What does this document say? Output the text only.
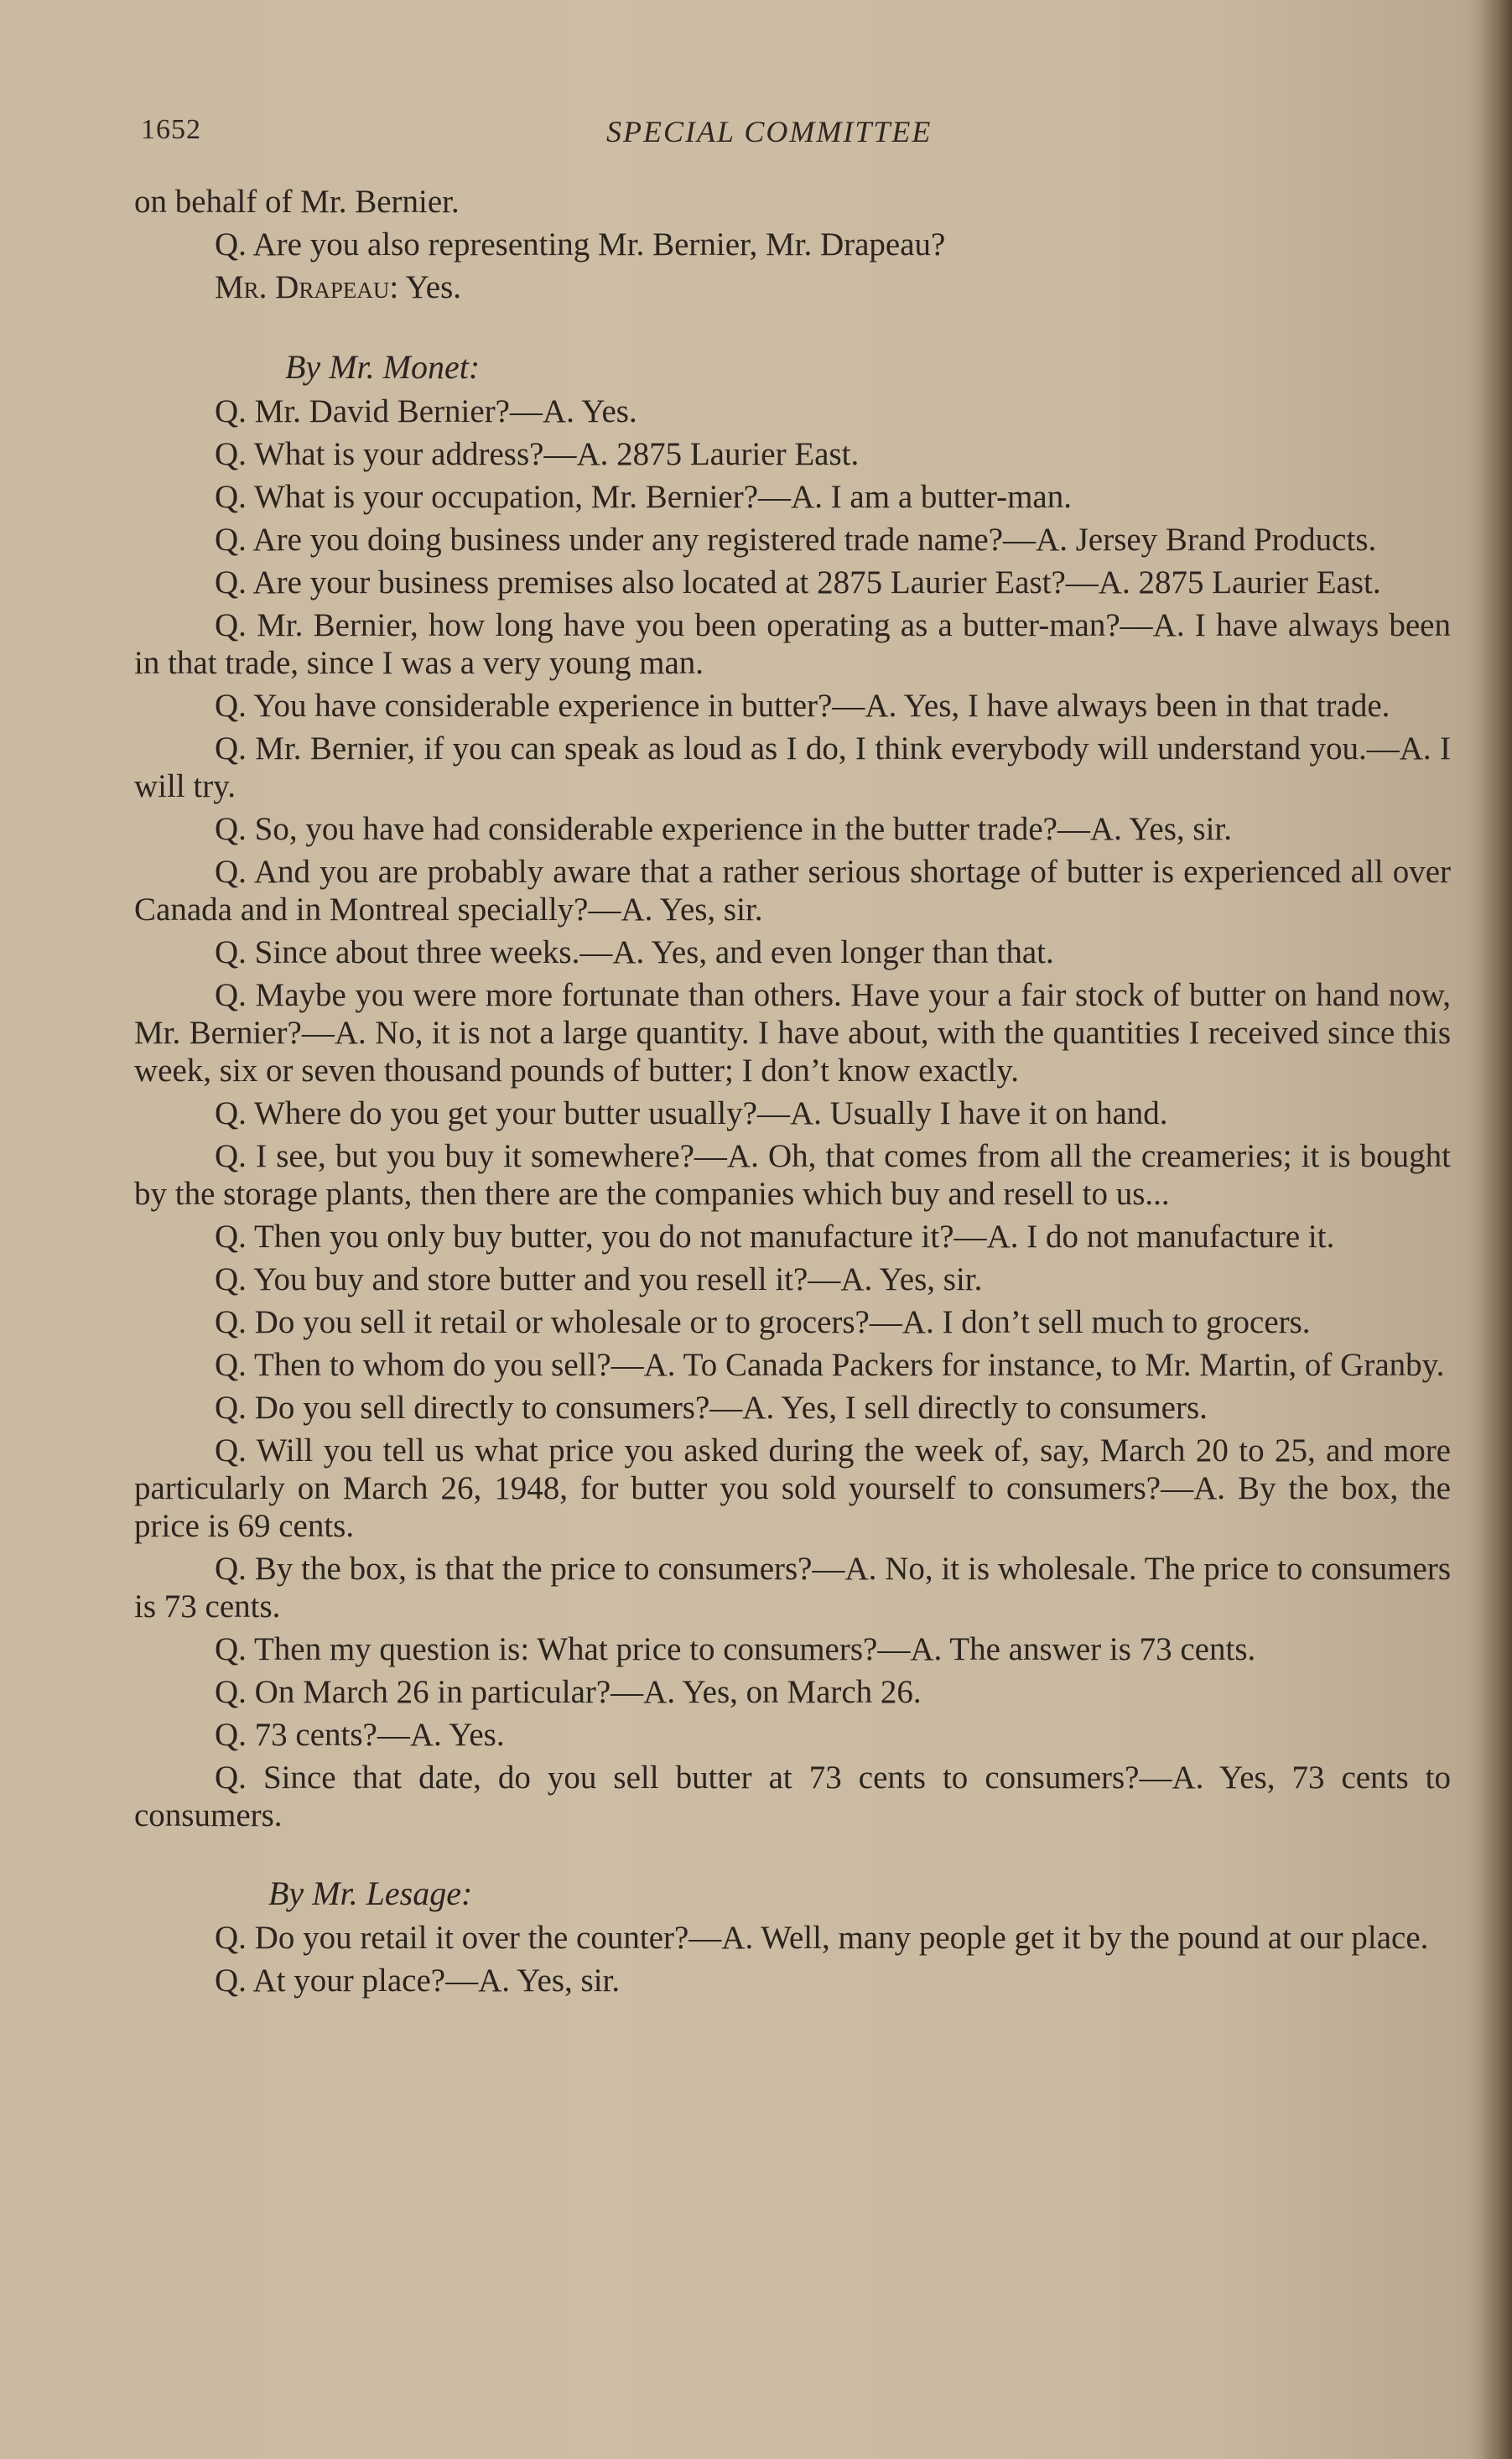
1652	SPECIAL COMMITTEE

on behalf of Mr. Bernier.

Q. Are you also representing Mr. Bernier, Mr. Drapeau?

Mr. Drapeau: Yes.

By Mr. Monet:

Q. Mr. David Bernier?—A. Yes.

Q. What is your address?—A. 2875 Laurier East.

Q. What is your occupation, Mr. Bernier?—A. I am a butter-man.

Q. Are you doing business under any registered trade name?—A. Jersey Brand Products.

Q. Are your business premises also located at 2875 Laurier East?—A. 2875 Laurier East.

Q. Mr. Bernier, how long have you been operating as a butter-man?—A. I have always been in that trade, since I was a very young man.

Q. You have considerable experience in butter?—A. Yes, I have always been in that trade.

Q. Mr. Bernier, if you can speak as loud as I do, I think everybody will understand you.—A. I will try.

Q. So, you have had considerable experience in the butter trade?—A. Yes, sir.

Q. And you are probably aware that a rather serious shortage of butter is experienced all over Canada and in Montreal specially?—A. Yes, sir.

Q. Since about three weeks.—A. Yes, and even longer than that.

Q. Maybe you were more fortunate than others. Have your a fair stock of butter on hand now, Mr. Bernier?—A. No, it is not a large quantity. I have about, with the quantities I received since this week, six or seven thousand pounds of butter; I don’t know exactly.

Q. Where do you get your butter usually?—A. Usually I have it on hand.

Q. I see, but you buy it somewhere?—A. Oh, that comes from all the creameries; it is bought by the storage plants, then there are the companies which buy and resell to us...

Q. Then you only buy butter, you do not manufacture it?—A. I do not manufacture it.

Q. You buy and store butter and you resell it?—A. Yes, sir.

Q. Do you sell it retail or wholesale or to grocers?—A. I don’t sell much to grocers.

Q. Then to whom do you sell?—A. To Canada Packers for instance, to Mr. Martin, of Granby.

Q. Do you sell directly to consumers?—A. Yes, I sell directly to consumers.

Q. Will you tell us what price you asked during the week of, say, March 20 to 25, and more particularly on March 26, 1948, for butter you sold yourself to consumers?—A. By the box, the price is 69 cents.

Q. By the box, is that the price to consumers?—A. No, it is wholesale. The price to consumers is 73 cents.

Q. Then my question is: What price to consumers?—A. The answer is 73 cents.

Q. On March 26 in particular?—A. Yes, on March 26.

Q. 73 cents?—A. Yes.

Q. Since that date, do you sell butter at 73 cents to consumers?—A. Yes, 73 cents to consumers.

By Mr. Lesage:

Q. Do you retail it over the counter?—A. Well, many people get it by the pound at our place.

Q. At your place?—A. Yes, sir.
